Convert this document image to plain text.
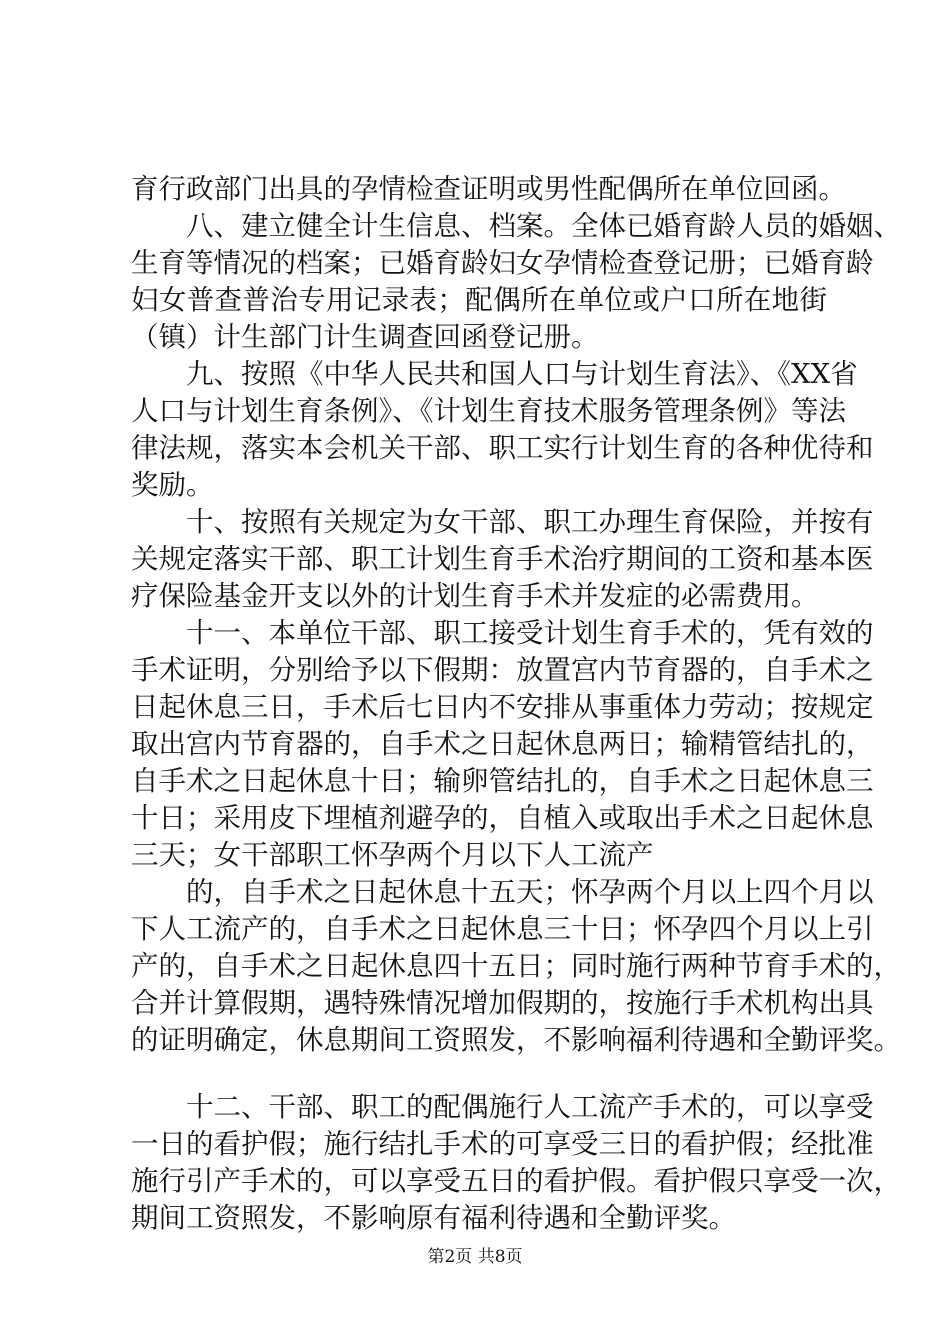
育行政部门出具的孕情检查证明或男性配偶所在单位回函。
八、建立健全计生信息、档案。全体已婚育龄人员的婚姻、
生育等情况的档案；已婚育龄妇女孕情检查登记册；已婚育龄
妇女普查普治专用记录表；配偶所在单位或户口所在地街
（镇）计生部门计生调查回函登记册。
九、按照《中华人民共和国人口与计划生育法》、《XX省
人口与计划生育条例》、《计划生育技术服务管理条例》等法
律法规，落实本会机关干部、职工实行计划生育的各种优待和
奖励。
十、按照有关规定为女干部、职工办理生育保险，并按有
关规定落实干部、职工计划生育手术治疗期间的工资和基本医
疗保险基金开支以外的计划生育手术并发症的必需费用。
十一、本单位干部、职工接受计划生育手术的，凭有效的
手术证明，分别给予以下假期：放置宫内节育器的，自手术之
日起休息三日，手术后七日内不安排从事重体力劳动；按规定
取出宫内节育器的，自手术之日起休息两日；输精管结扎的，
自手术之日起休息十日；输卵管结扎的，自手术之日起休息三
十日；采用皮下埋植剂避孕的，自植入或取出手术之日起休息
三天；女干部职工怀孕两个月以下人工流产
的，自手术之日起休息十五天；怀孕两个月以上四个月以
下人工流产的，自手术之日起休息三十日；怀孕四个月以上引
产的，自手术之日起休息四十五日；同时施行两种节育手术的，
合并计算假期，遇特殊情况增加假期的，按施行手术机构出具
的证明确定，休息期间工资照发，不影响福利待遇和全勤评奖。
十二、干部、职工的配偶施行人工流产手术的，可以享受
一日的看护假；施行结扎手术的可享受三日的看护假；经批准
施行引产手术的，可以享受五日的看护假。看护假只享受一次，
期间工资照发，不影响原有福利待遇和全勤评奖。
第2页 共8页
